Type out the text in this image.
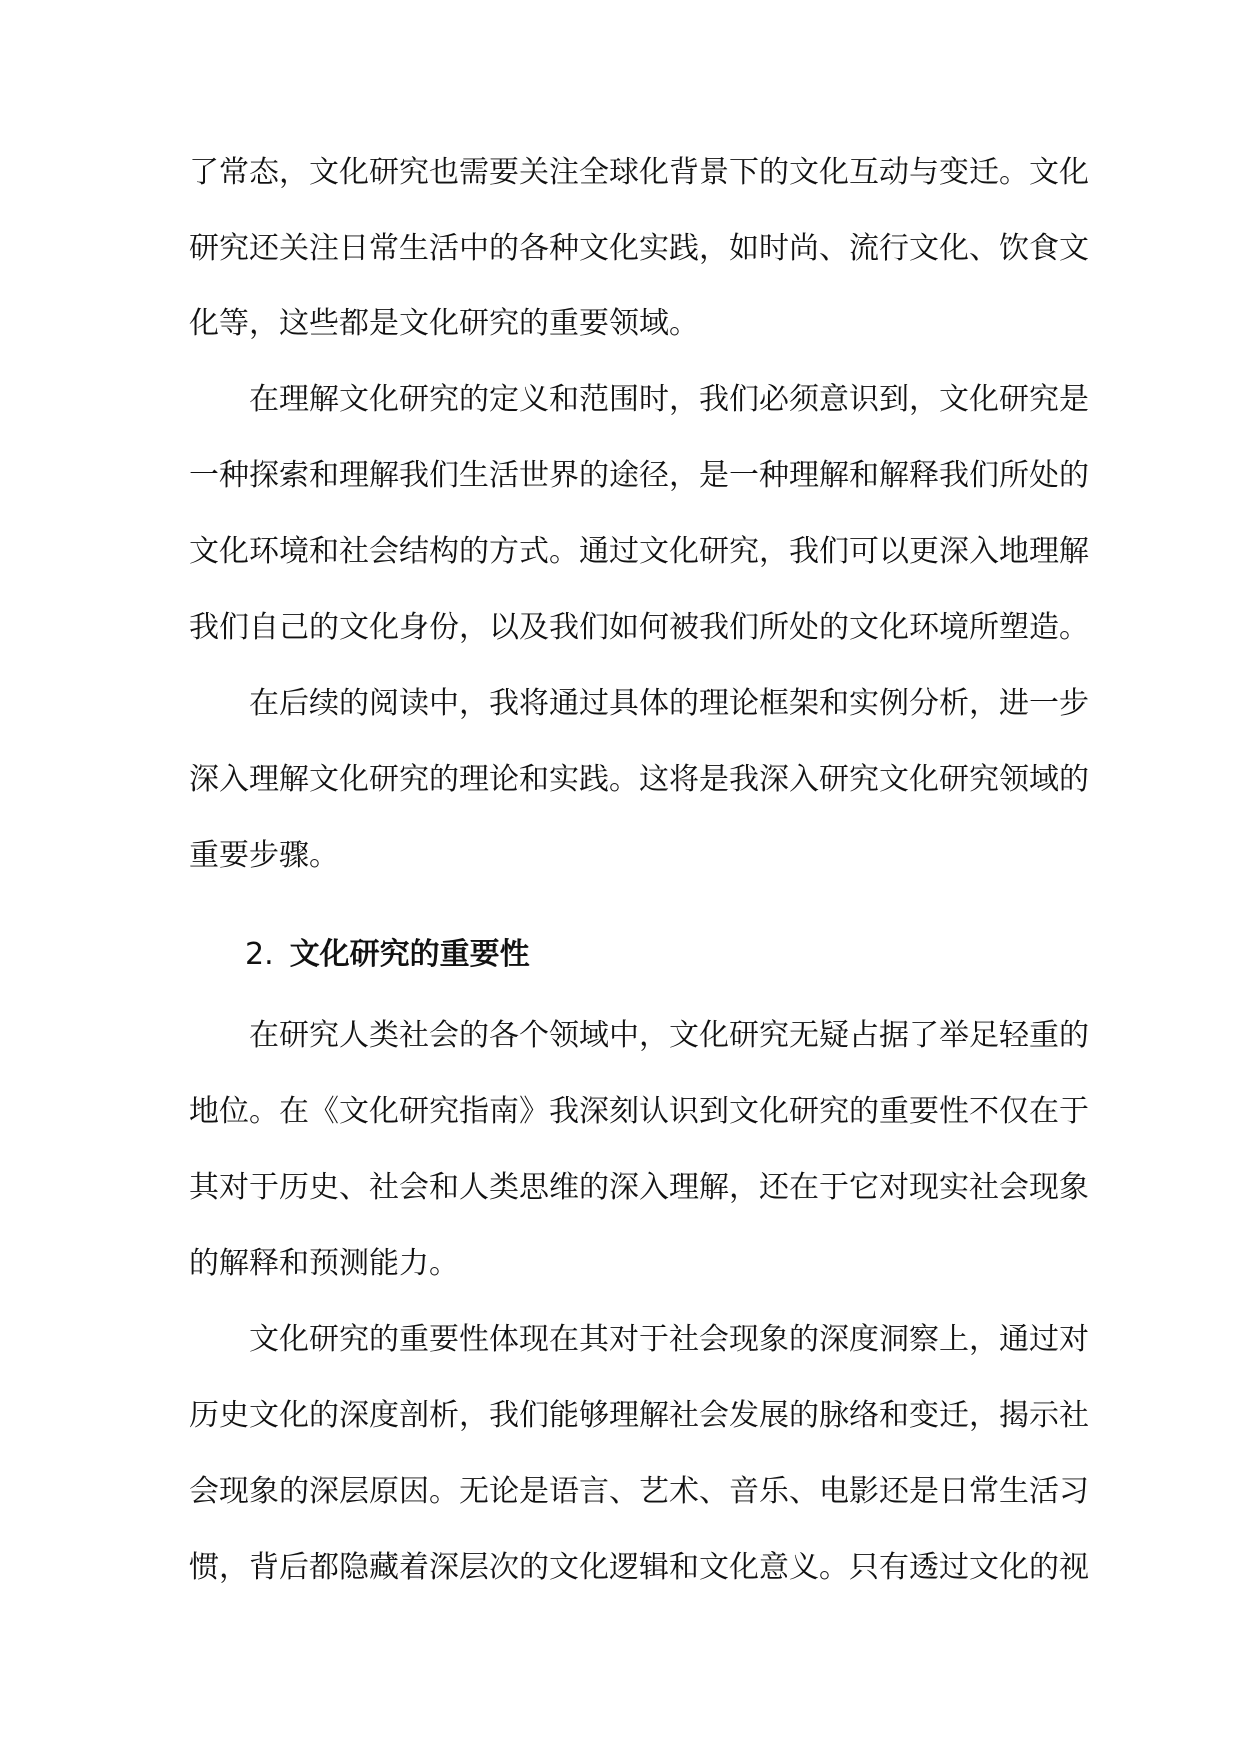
了常态，文化研究也需要关注全球化背景下的文化互动与变迁。文化
研究还关注日常生活中的各种文化实践，如时尚、流行文化、饮食文
化等，这些都是文化研究的重要领域。
在理解文化研究的定义和范围时，我们必须意识到，文化研究是
一种探索和理解我们生活世界的途径，是一种理解和解释我们所处的
文化环境和社会结构的方式。通过文化研究，我们可以更深入地理解
我们自己的文化身份，以及我们如何被我们所处的文化环境所塑造。
在后续的阅读中，我将通过具体的理论框架和实例分析，进一步
深入理解文化研究的理论和实践。这将是我深入研究文化研究领域的
重要步骤。
2. 文化研究的重要性
在研究人类社会的各个领域中，文化研究无疑占据了举足轻重的
地位。在《文化研究指南》我深刻认识到文化研究的重要性不仅在于
其对于历史、社会和人类思维的深入理解，还在于它对现实社会现象
的解释和预测能力。
文化研究的重要性体现在其对于社会现象的深度洞察上，通过对
历史文化的深度剖析，我们能够理解社会发展的脉络和变迁，揭示社
会现象的深层原因。无论是语言、艺术、音乐、电影还是日常生活习
惯，背后都隐藏着深层次的文化逻辑和文化意义。只有透过文化的视
